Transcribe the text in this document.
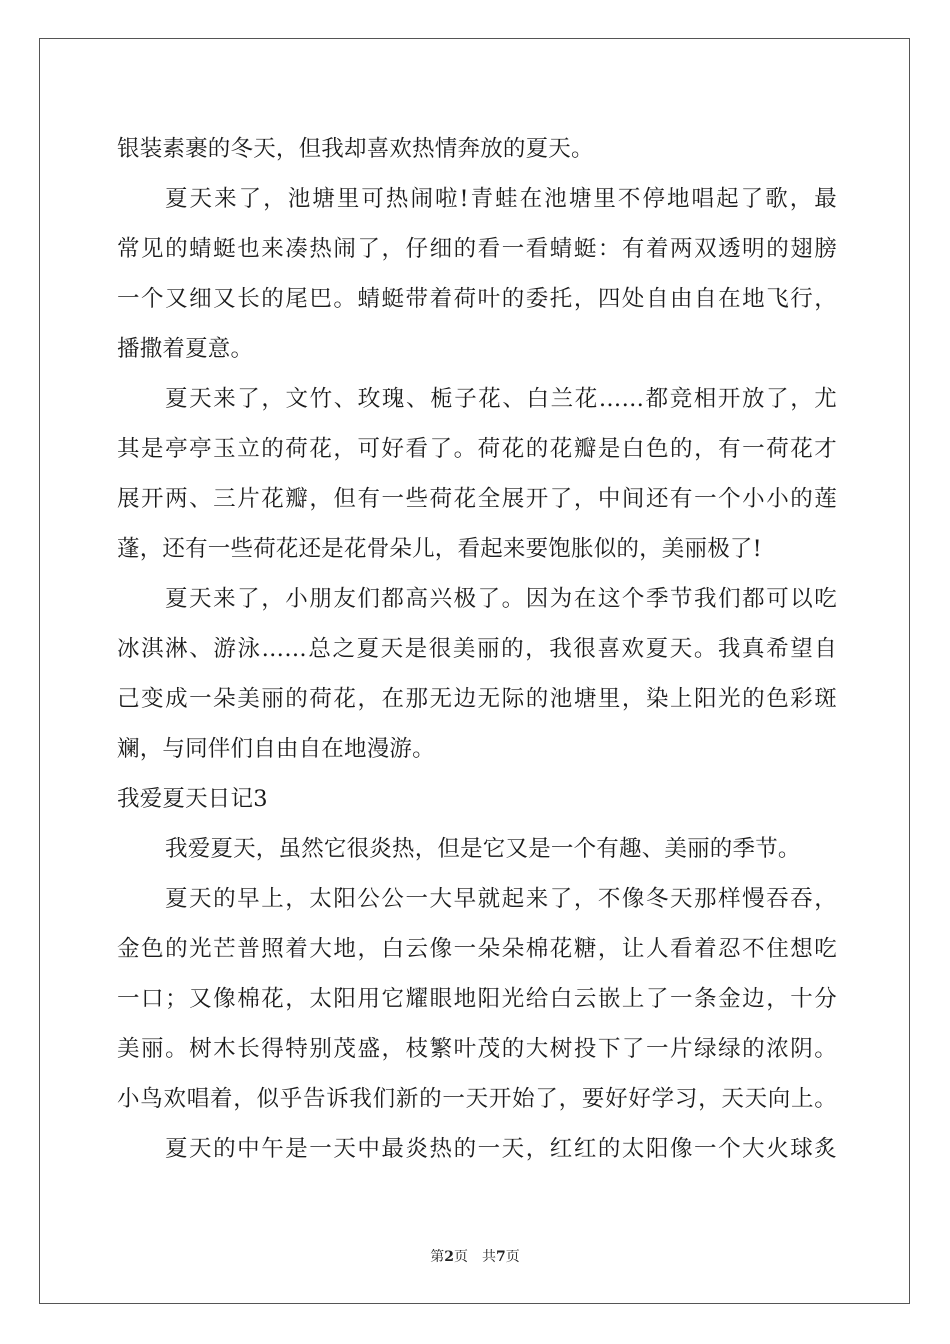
银装素裹的冬天，但我却喜欢热情奔放的夏天。
夏天来了，池塘里可热闹啦!青蛙在池塘里不停地唱起了歌，最
常见的蜻蜓也来凑热闹了，仔细的看一看蜻蜓：有着两双透明的翅膀
一个又细又长的尾巴。蜻蜓带着荷叶的委托，四处自由自在地飞行，
播撒着夏意。
夏天来了，文竹、玫瑰、栀子花、白兰花……都竞相开放了，尤
其是亭亭玉立的荷花，可好看了。荷花的花瓣是白色的，有一荷花才
展开两、三片花瓣，但有一些荷花全展开了，中间还有一个小小的莲
蓬，还有一些荷花还是花骨朵儿，看起来要饱胀似的，美丽极了!
夏天来了，小朋友们都高兴极了。因为在这个季节我们都可以吃
冰淇淋、游泳……总之夏天是很美丽的，我很喜欢夏天。我真希望自
己变成一朵美丽的荷花，在那无边无际的池塘里，染上阳光的色彩斑
斓，与同伴们自由自在地漫游。
我爱夏天日记3
我爱夏天，虽然它很炎热，但是它又是一个有趣、美丽的季节。
夏天的早上，太阳公公一大早就起来了，不像冬天那样慢吞吞，
金色的光芒普照着大地，白云像一朵朵棉花糖，让人看着忍不住想吃
一口；又像棉花，太阳用它耀眼地阳光给白云嵌上了一条金边，十分
美丽。树木长得特别茂盛，枝繁叶茂的大树投下了一片绿绿的浓阴。
小鸟欢唱着，似乎告诉我们新的一天开始了，要好好学习，天天向上。
夏天的中午是一天中最炎热的一天，红红的太阳像一个大火球炙
第2页 共7页
